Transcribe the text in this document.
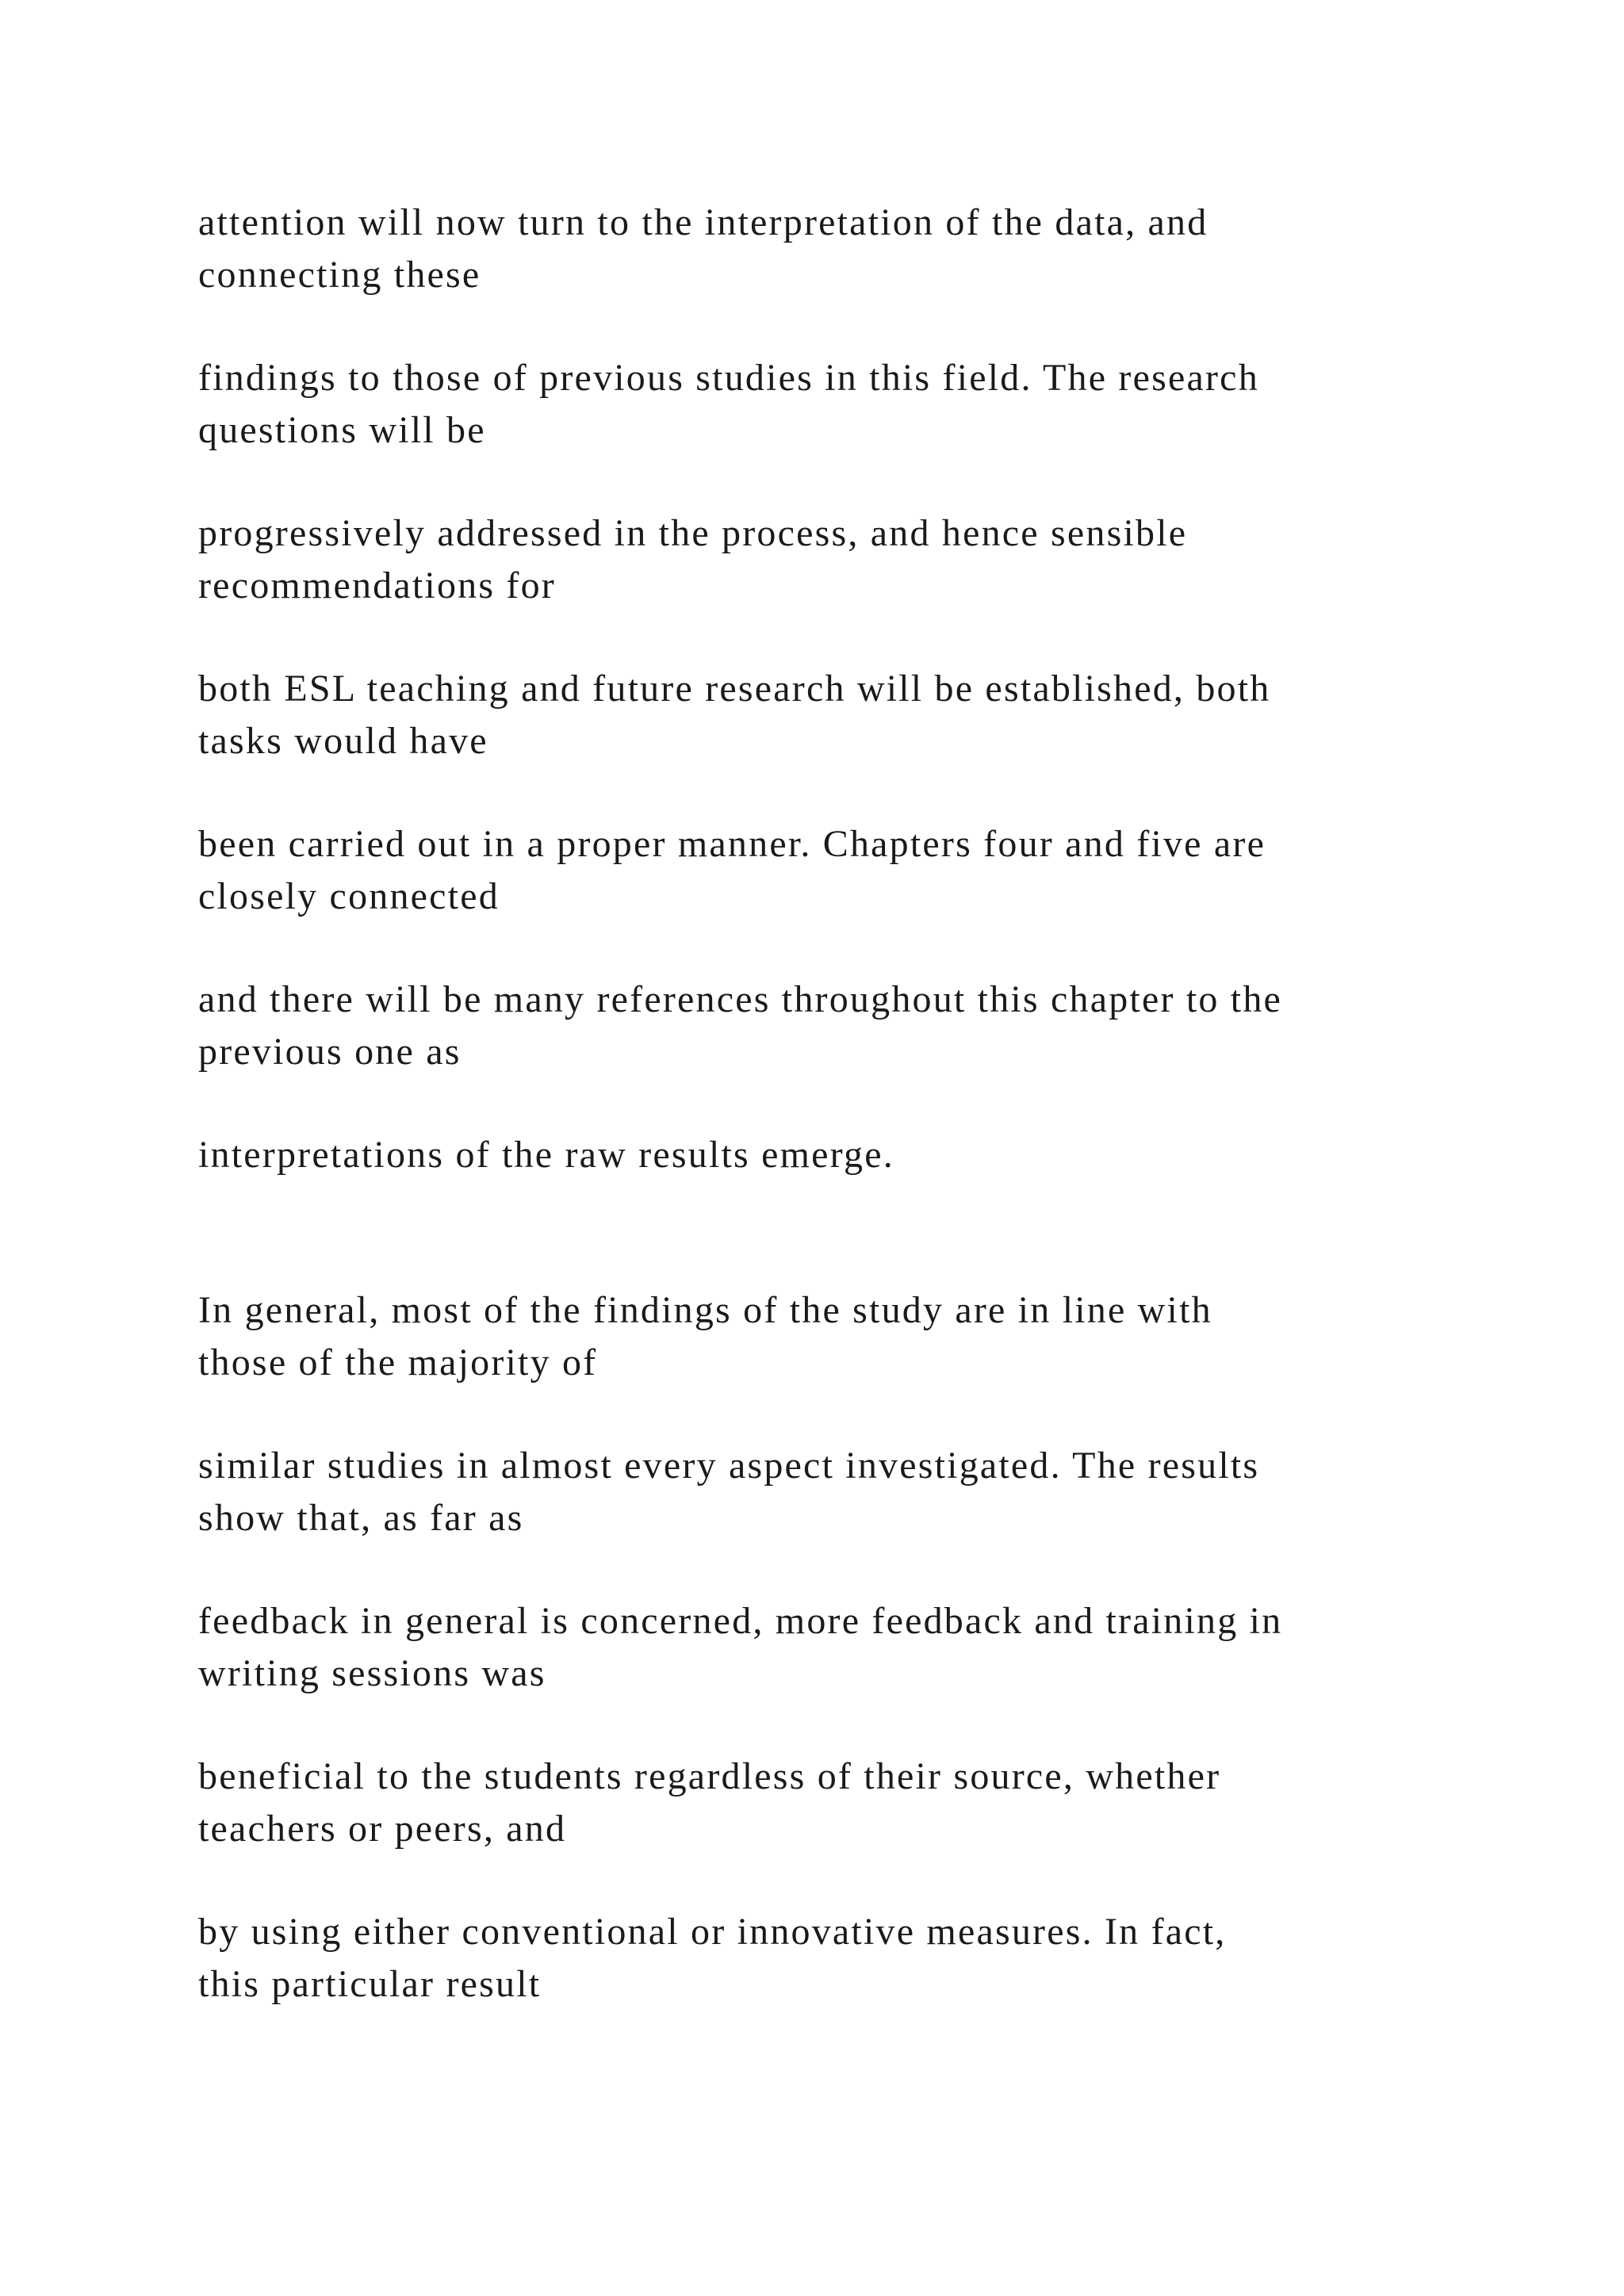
attention will now turn to the interpretation of the data, and
connecting these

findings to those of previous studies in this field. The research
questions will be

progressively addressed in the process, and hence sensible
recommendations for

both ESL teaching and future research will be established, both
tasks would have

been carried out in a proper manner. Chapters four and five are
closely connected

and there will be many references throughout this chapter to the
previous one as

interpretations of the raw results emerge.

In general, most of the findings of the study are in line with
those of the majority of

similar studies in almost every aspect investigated. The results
show that, as far as

feedback in general is concerned, more feedback and training in
writing sessions was

beneficial to the students regardless of their source, whether
teachers or peers, and

by using either conventional or innovative measures. In fact,
this particular result
